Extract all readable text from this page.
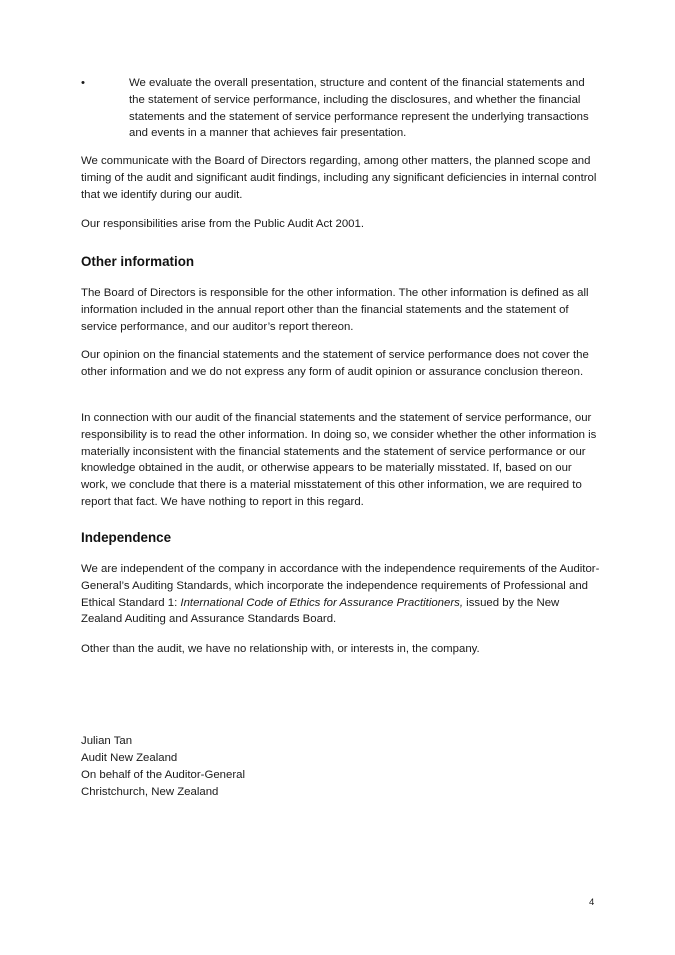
•	We evaluate the overall presentation, structure and content of the financial statements and the statement of service performance, including the disclosures, and whether the financial statements and the statement of service performance represent the underlying transactions and events in a manner that achieves fair presentation.

We communicate with the Board of Directors regarding, among other matters, the planned scope and timing of the audit and significant audit findings, including any significant deficiencies in internal control that we identify during our audit.

Our responsibilities arise from the Public Audit Act 2001.

Other information

The Board of Directors is responsible for the other information. The other information is defined as all information included in the annual report other than the financial statements and the statement of service performance, and our auditor’s report thereon.

Our opinion on the financial statements and the statement of service performance does not cover the other information and we do not express any form of audit opinion or assurance conclusion thereon.

In connection with our audit of the financial statements and the statement of service performance, our responsibility is to read the other information. In doing so, we consider whether the other information is materially inconsistent with the financial statements and the statement of service performance or our knowledge obtained in the audit, or otherwise appears to be materially misstated. If, based on our work, we conclude that there is a material misstatement of this other information, we are required to report that fact. We have nothing to report in this regard.

Independence

We are independent of the company in accordance with the independence requirements of the Auditor-General’s Auditing Standards, which incorporate the independence requirements of Professional and Ethical Standard 1: International Code of Ethics for Assurance Practitioners, issued by the New Zealand Auditing and Assurance Standards Board.

Other than the audit, we have no relationship with, or interests in, the company.

Julian Tan

Audit New Zealand

On behalf of the Auditor-General

Christchurch, New Zealand

4
